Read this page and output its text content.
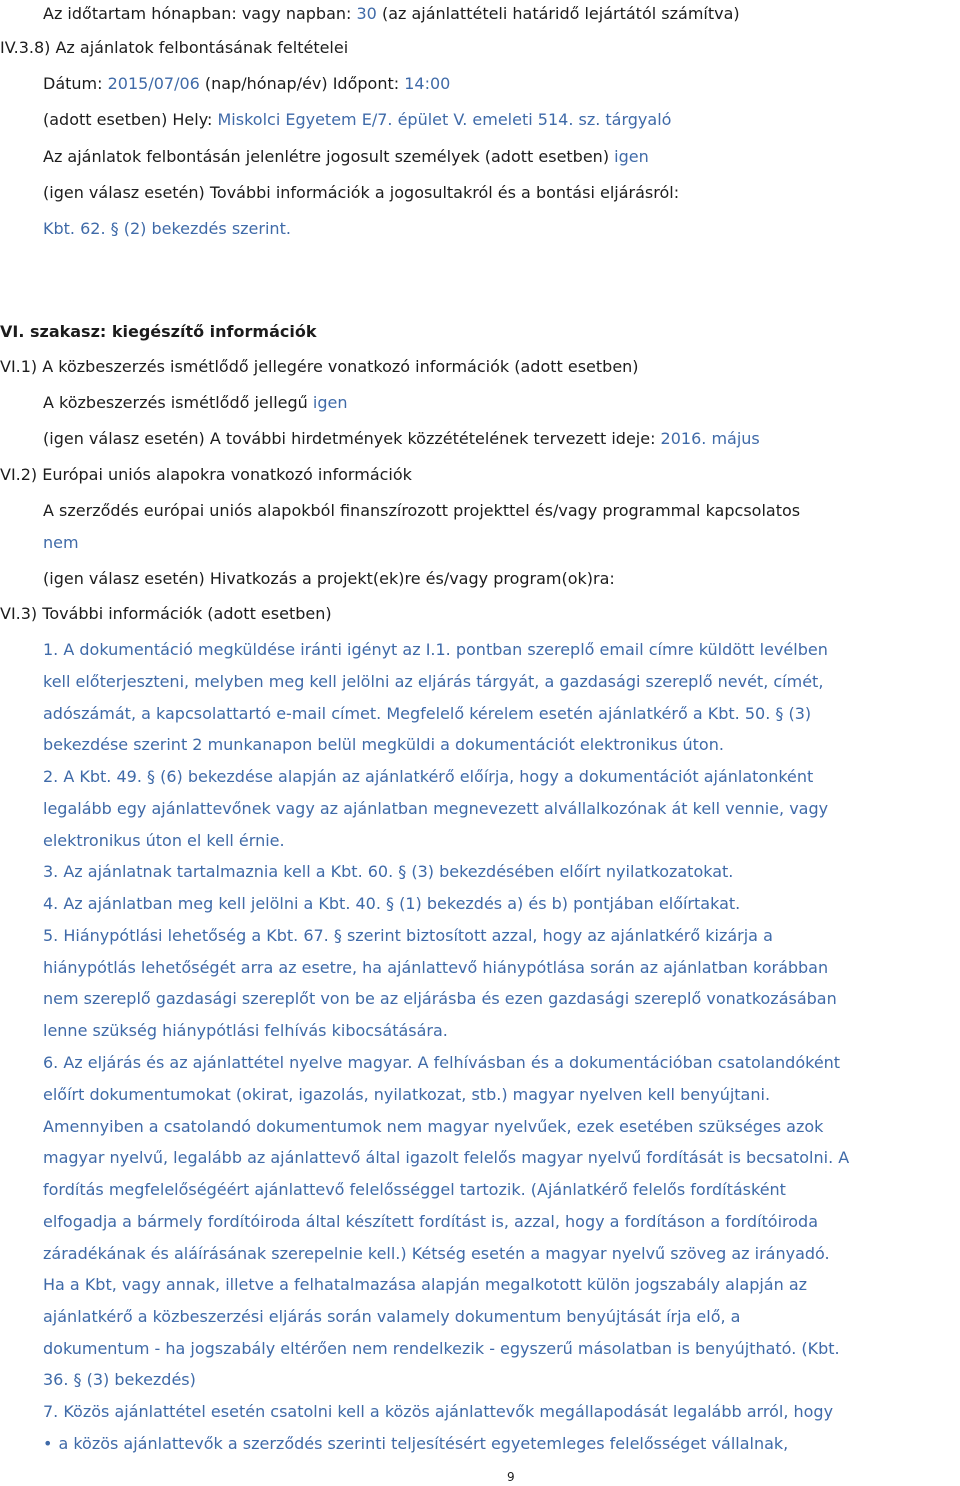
Az időtartam hónapban: vagy napban: 30 (az ajánlattételi határidő lejártától számítva)
IV.3.8) Az ajánlatok felbontásának feltételei
Dátum: 2015/07/06 (nap/hónap/év) Időpont: 14:00
(adott esetben) Hely: Miskolci Egyetem E/7. épület V. emeleti 514. sz. tárgyaló
Az ajánlatok felbontásán jelenlétre jogosult személyek (adott esetben) igen
(igen válasz esetén) További információk a jogosultakról és a bontási eljárásról:
Kbt. 62. § (2) bekezdés szerint.
VI. szakasz: kiegészítő információk
VI.1) A közbeszerzés ismétlődő jellegére vonatkozó információk (adott esetben)
A közbeszerzés ismétlődő jellegű igen
(igen válasz esetén) A további hirdetmények közzétételének tervezett ideje: 2016. május
VI.2) Európai uniós alapokra vonatkozó információk
A szerződés európai uniós alapokból finanszírozott projekttel és/vagy programmal kapcsolatos
nem
(igen válasz esetén) Hivatkozás a projekt(ek)re és/vagy program(ok)ra:
VI.3) További információk (adott esetben)
1. A dokumentáció megküldése iránti igényt az I.1. pontban szereplő email címre küldött levélben
kell előterjeszteni, melyben meg kell jelölni az eljárás tárgyát, a gazdasági szereplő nevét, címét,
adószámát, a kapcsolattartó e-mail címet. Megfelelő kérelem esetén ajánlatkérő a Kbt. 50. § (3)
bekezdése szerint 2 munkanapon belül megküldi a dokumentációt elektronikus úton.
2. A Kbt. 49. § (6) bekezdése alapján az ajánlatkérő előírja, hogy a dokumentációt ajánlatonként
legalább egy ajánlattevőnek vagy az ajánlatban megnevezett alvállalkozónak át kell vennie, vagy
elektronikus úton el kell érnie.
3. Az ajánlatnak tartalmaznia kell a Kbt. 60. § (3) bekezdésében előírt nyilatkozatokat.
4. Az ajánlatban meg kell jelölni a Kbt. 40. § (1) bekezdés a) és b) pontjában előírtakat.
5. Hiánypótlási lehetőség a Kbt. 67. § szerint biztosított azzal, hogy az ajánlatkérő kizárja a
hiánypótlás lehetőségét arra az esetre, ha ajánlattevő hiánypótlása során az ajánlatban korábban
nem szereplő gazdasági szereplőt von be az eljárásba és ezen gazdasági szereplő vonatkozásában
lenne szükség hiánypótlási felhívás kibocsátására.
6. Az eljárás és az ajánlattétel nyelve magyar. A felhívásban és a dokumentációban csatolandóként
előírt dokumentumokat (okirat, igazolás, nyilatkozat, stb.) magyar nyelven kell benyújtani.
Amennyiben a csatolandó dokumentumok nem magyar nyelvűek, ezek esetében szükséges azok
magyar nyelvű, legalább az ajánlattevő által igazolt felelős magyar nyelvű fordítását is becsatolni. A
fordítás megfelelőségéért ajánlattevő felelősséggel tartozik. (Ajánlatkérő felelős fordításként
elfogadja a bármely fordítóiroda által készített fordítást is, azzal, hogy a fordításon a fordítóiroda
záradékának és aláírásának szerepelnie kell.) Kétség esetén a magyar nyelvű szöveg az irányadó.
Ha a Kbt, vagy annak, illetve a felhatalmazása alapján megalkotott külön jogszabály alapján az
ajánlatkérő a közbeszerzési eljárás során valamely dokumentum benyújtását írja elő, a
dokumentum - ha jogszabály eltérően nem rendelkezik - egyszerű másolatban is benyújtható. (Kbt.
36. § (3) bekezdés)
7. Közös ajánlattétel esetén csatolni kell a közös ajánlattevők megállapodását legalább arról, hogy
• a közös ajánlattevők a szerződés szerinti teljesítésért egyetemleges felelősséget vállalnak,
9
